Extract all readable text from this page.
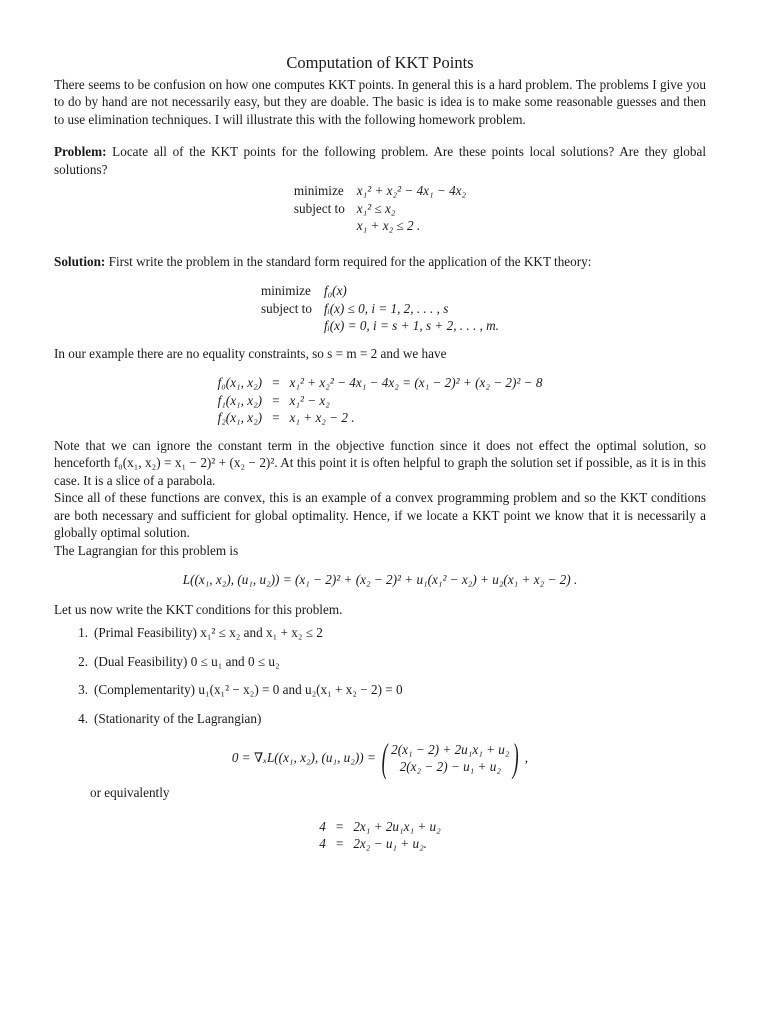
Computation of KKT Points

There seems to be confusion on how one computes KKT points. In general this is a hard problem. The problems I give you to do by hand are not necessarily easy, but they are doable. The basic is idea is to make some reasonable guesses and then to use elimination techniques. I will illustrate this with the following homework problem.

Problem: Locate all of the KKT points for the following problem. Are these points local solutions? Are they global solutions?

minimize	x₁² + x₂² − 4x₁ − 4x₂
subject to	x₁² ≤ x₂
	x₁ + x₂ ≤ 2 .

Solution: First write the problem in the standard form required for the application of the KKT theory:

minimize	f₀(x)
subject to	fᵢ(x) ≤ 0, i = 1, 2, . . . , s
	fᵢ(x) = 0, i = s + 1, s + 2, . . . , m.

In our example there are no equality constraints, so s = m = 2 and we have

f₀(x₁, x₂)	=	x₁² + x₂² − 4x₁ − 4x₂ = (x₁ − 2)² + (x₂ − 2)² − 8
f₁(x₁, x₂)	=	x₁² − x₂
f₂(x₁, x₂)	=	x₁ + x₂ − 2 .

Note that we can ignore the constant term in the objective function since it does not effect the optimal solution, so henceforth f₀(x₁, x₂) = x₁ − 2)² + (x₂ − 2)². At this point it is often helpful to graph the solution set if possible, as it is in this case. It is a slice of a parabola.

Since all of these functions are convex, this is an example of a convex programming problem and so the KKT conditions are both necessary and sufficient for global optimality. Hence, if we locate a KKT point we know that it is necessarily a globally optimal solution.

The Lagrangian for this problem is

L((x₁, x₂), (u₁, u₂)) = (x₁ − 2)² + (x₂ − 2)² + u₁(x₁² − x₂) + u₂(x₁ + x₂ − 2) .

Let us now write the KKT conditions for this problem.

1. (Primal Feasibility) x₁² ≤ x₂ and x₁ + x₂ ≤ 2
2. (Dual Feasibility) 0 ≤ u₁ and 0 ≤ u₂
3. (Complementarity) u₁(x₁² − x₂) = 0 and u₂(x₁ + x₂ − 2) = 0
4. (Stationarity of the Lagrangian)
0 = ∇ₓL((x₁, x₂), (u₁, u₂)) = ( 2(x₁ − 2) + 2u₁x₁ + u₂
2(x₂ − 2) − u₁ + u₂ ) ,

or equivalently

4	=	2x₁ + 2u₁x₁ + u₂
4	=	2x₂ − u₁ + u₂.
